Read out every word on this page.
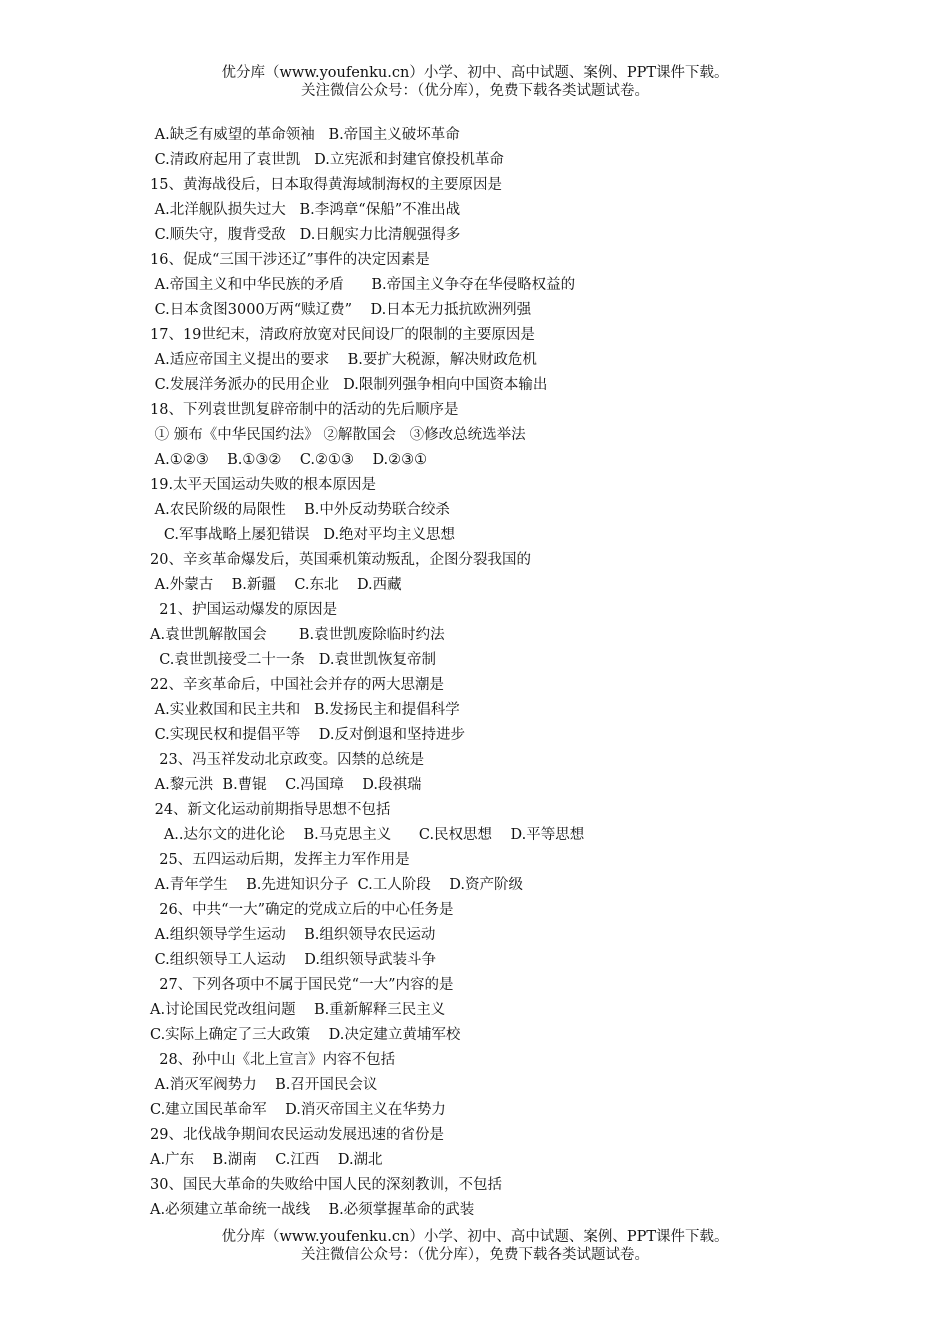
优分库（www.youfenku.cn）小学、初中、高中试题、案例、PPT课件下载。
关注微信公众号：（优分库），免费下载各类试题试卷。
A.缺乏有威望的革命领袖   B.帝国主义破坏革命
C.清政府起用了袁世凯   D.立宪派和封建官僚投机革命
15、黄海战役后，日本取得黄海域制海权的主要原因是
A.北洋舰队损失过大   B.李鸿章“保船”不准出战
C.顺失守，腹背受敌   D.日舰实力比清舰强得多
16、促成“三国干涉还辽”事件的决定因素是
A.帝国主义和中华民族的矛盾      B.帝国主义争夺在华侵略权益的
C.日本贪图3000万两“赎辽费”    D.日本无力抵抗欧洲列强
17、19世纪末，清政府放宽对民间设厂的限制的主要原因是
A.适应帝国主义提出的要求    B.要扩大税源，解决财政危机
C.发展洋务派办的民用企业   D.限制列强争相向中国资本输出
18、下列袁世凯复辟帝制中的活动的先后顺序是
① 颁布《中华民国约法》 ②解散国会   ③修改总统选举法
A.①②③    B.①③②    C.②①③    D.②③①
19.太平天国运动失败的根本原因是
A.农民阶级的局限性    B.中外反动势联合绞杀
C.军事战略上屡犯错误   D.绝对平均主义思想
20、辛亥革命爆发后，英国乘机策动叛乱，企图分裂我国的
A.外蒙古    B.新疆    C.东北    D.西藏
21、护国运动爆发的原因是
A.袁世凯解散国会       B.袁世凯废除临时约法
C.袁世凯接受二十一条   D.袁世凯恢复帝制
22、辛亥革命后，中国社会并存的两大思潮是
A.实业救国和民主共和   B.发扬民主和提倡科学
C.实现民权和提倡平等    D.反对倒退和坚持进步
23、冯玉祥发动北京政变。囚禁的总统是
A.黎元洪  B.曹锟    C.冯国璋    D.段祺瑞
24、新文化运动前期指导思想不包括
A..达尔文的进化论    B.马克思主义      C.民权思想    D.平等思想
25、五四运动后期，发挥主力军作用是
A.青年学生    B.先进知识分子  C.工人阶段    D.资产阶级
26、中共“一大”确定的党成立后的中心任务是
A.组织领导学生运动    B.组织领导农民运动
C.组织领导工人运动    D.组织领导武装斗争
27、下列各项中不属于国民党“一大”内容的是
A.讨论国民党改组问题    B.重新解释三民主义
C.实际上确定了三大政策    D.决定建立黄埔军校
28、孙中山《北上宣言》内容不包括
A.消灭军阀势力    B.召开国民会议
C.建立国民革命军    D.消灭帝国主义在华势力
29、北伐战争期间农民运动发展迅速的省份是
A.广东    B.湖南    C.江西    D.湖北
30、国民大革命的失败给中国人民的深刻教训，不包括
A.必须建立革命统一战线    B.必须掌握革命的武装
优分库（www.youfenku.cn）小学、初中、高中试题、案例、PPT课件下载。
关注微信公众号：（优分库），免费下载各类试题试卷。
